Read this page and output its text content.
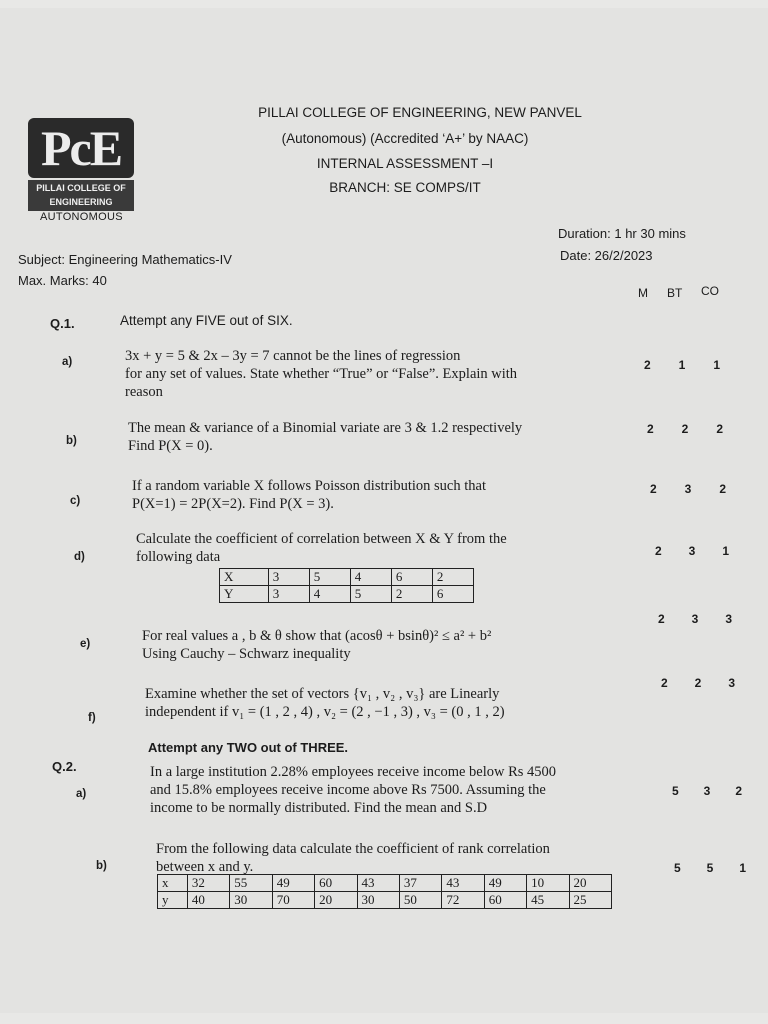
PcE
PILLAI COLLEGE OF
ENGINEERING
AUTONOMOUS
PILLAI COLLEGE OF ENGINEERING, NEW PANVEL
(Autonomous) (Accredited ‘A+’ by NAAC)
INTERNAL ASSESSMENT –I
BRANCH: SE COMPS/IT
Subject: Engineering Mathematics-IV
Max. Marks: 40
Duration: 1 hr 30 mins
Date: 26/2/2023
M BT CO
Q.1.	Attempt any FIVE out of SIX.
a)	3x + y = 5 & 2x – 3y = 7 cannot be the lines of regression
for any set of values. State whether “True” or “False”. Explain with
reason
2 1 1
b)
The mean & variance of a Binomial variate are 3 & 1.2 respectively
Find P(X = 0).
2 2 2
c)
If a random variable X follows Poisson distribution such that
P(X=1) = 2P(X=2). Find P(X = 3).
2 3 2
d)
Calculate the coefficient of correlation between X & Y from the
following data
X	3	5	4	6	2
Y	3	4	5	2	6
2 3 1
e)	For real values a , b & θ show that (acosθ + bsinθ)² ≤ a² + b²
Using Cauchy – Schwarz inequality
2 3 3
f)
Examine whether the set of vectors {v₁ , v₂ , v₃} are Linearly
independent if v₁ = (1 , 2 , 4) , v₂ = (2 , −1 , 3) , v₃ = (0 , 1 , 2)
2 2 3
Q.2.
Attempt any TWO out of THREE.
a)
In a large institution 2.28% employees receive income below Rs 4500
and 15.8% employees receive income above Rs 7500. Assuming the
income to be normally distributed. Find the mean and S.D
5 3 2
b)
From the following data calculate the coefficient of rank correlation
between x and y.
x	32	55	49	60	43	37	43	49	10	20
y	40	30	70	20	30	50	72	60	45	25
5 5 1
